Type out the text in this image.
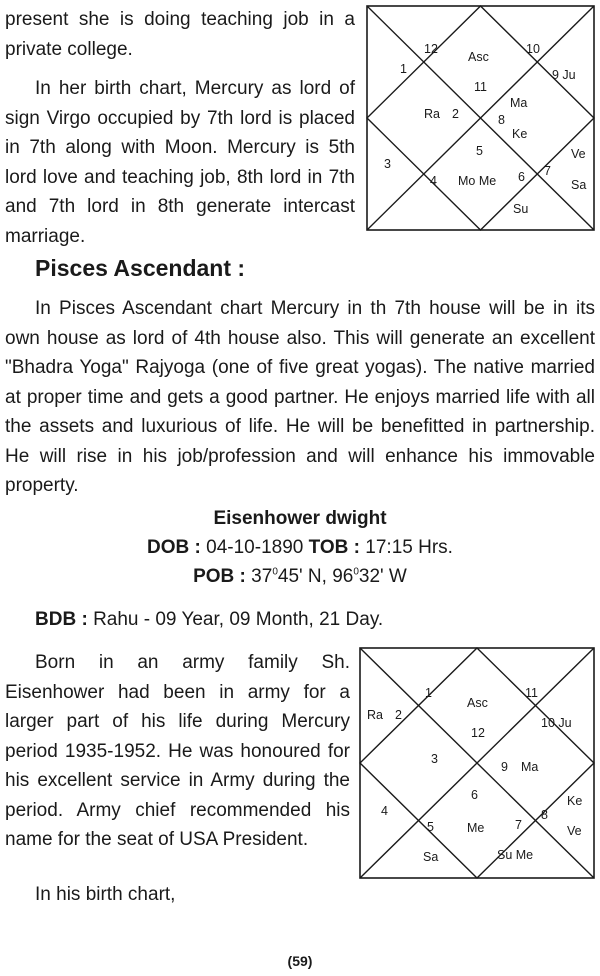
12	10
1
Asc
11
9 Ju
Ra 2	8
Ma
Ke
3
5
7
Ve
4 Mo Me 6
Sa
Su

present she is doing teaching job in a private college.

In her birth chart, Mercury as lord of sign Virgo occupied by 7th lord is placed in 7th along with Moon. Mercury is 5th lord love and teaching job, 8th lord in 7th and 7th lord in 8th generate intercast marriage.

Pisces Ascendant :

In Pisces Ascendant chart Mercury in th 7th house will be in its own house as lord of 4th house also. This will generate an excellent "Bhadra Yoga" Rajyoga (one of five great yogas). The native married at proper time and gets a good partner. He enjoys married life with all the assets and luxurious of life. He will be benefitted in partnership. He will rise in his job/profession and will enhance his immovable property.

Eisenhower dwight

DOB : 04-10-1890 TOB : 17:15 Hrs.

POB : $37^045'$ N, $96^032'$ W

BDB : Rahu - 09 Year, 09 Month, 21 Day.

1	11
Asc
Ra 2
12
10 Ju
3
9 Ma
4
6	Ke
8
5	Me 7	Ve
Sa	Su Me

Born in an army family Sh. Eisenhower had been in army for a larger part of his life during Mercury period 1935-1952. He was honoured for his excellent service in Army during the period. Army chief recommended his name for the seat of USA President.

In his birth chart,

(59)
